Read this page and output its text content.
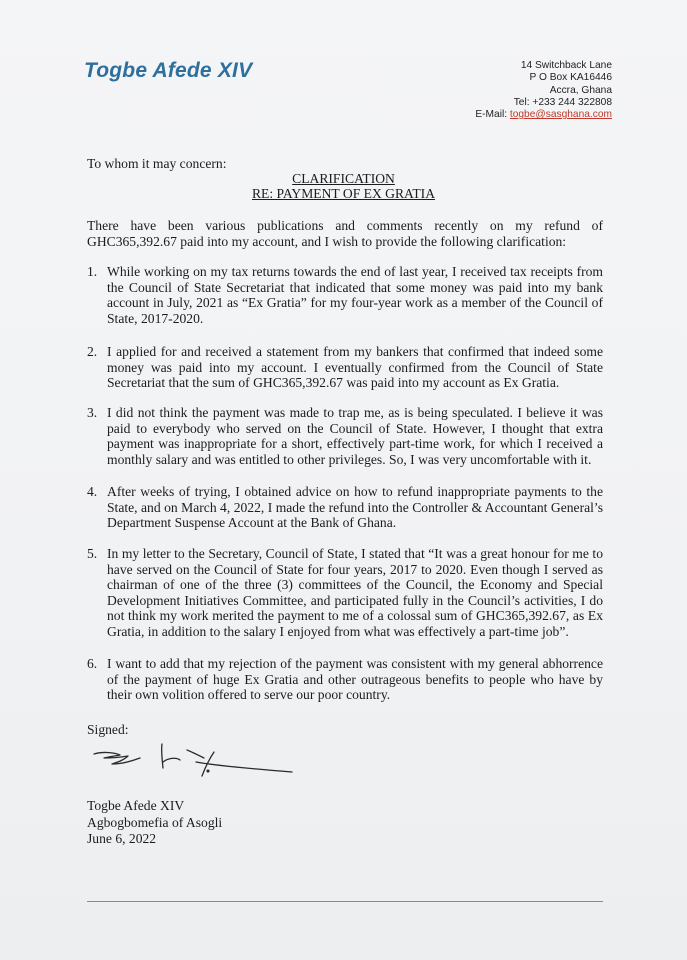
Togbe Afede XIV	14 Switchback Lane
P O Box KA16446
Accra, Ghana
Tel: +233 244 322808
E-Mail: togbe@sasghana.com
To whom it may concern:
CLARIFICATION
RE: PAYMENT OF EX GRATIA
There have been various publications and comments recently on my refund of GHC365,392.67 paid into my account, and I wish to provide the following clarification:
1. While working on my tax returns towards the end of last year, I received tax receipts from the Council of State Secretariat that indicated that some money was paid into my bank account in July, 2021 as “Ex Gratia” for my four-year work as a member of the Council of State, 2017-2020.
2. I applied for and received a statement from my bankers that confirmed that indeed some money was paid into my account. I eventually confirmed from the Council of State Secretariat that the sum of GHC365,392.67 was paid into my account as Ex Gratia.
3. I did not think the payment was made to trap me, as is being speculated. I believe it was paid to everybody who served on the Council of State. However, I thought that extra payment was inappropriate for a short, effectively part-time work, for which I received a monthly salary and was entitled to other privileges. So, I was very uncomfortable with it.
4. After weeks of trying, I obtained advice on how to refund inappropriate payments to the State, and on March 4, 2022, I made the refund into the Controller & Accountant General’s Department Suspense Account at the Bank of Ghana.
5. In my letter to the Secretary, Council of State, I stated that “It was a great honour for me to have served on the Council of State for four years, 2017 to 2020. Even though I served as chairman of one of the three (3) committees of the Council, the Economy and Special Development Initiatives Committee, and participated fully in the Council’s activities, I do not think my work merited the payment to me of a colossal sum of GHC365,392.67, as Ex Gratia, in addition to the salary I enjoyed from what was effectively a part-time job”.
6. I want to add that my rejection of the payment was consistent with my general abhorrence of the payment of huge Ex Gratia and other outrageous benefits to people who have by their own volition offered to serve our poor country.
Signed:
Togbe Afede XIV
Agbogbomefia of Asogli
June 6, 2022
